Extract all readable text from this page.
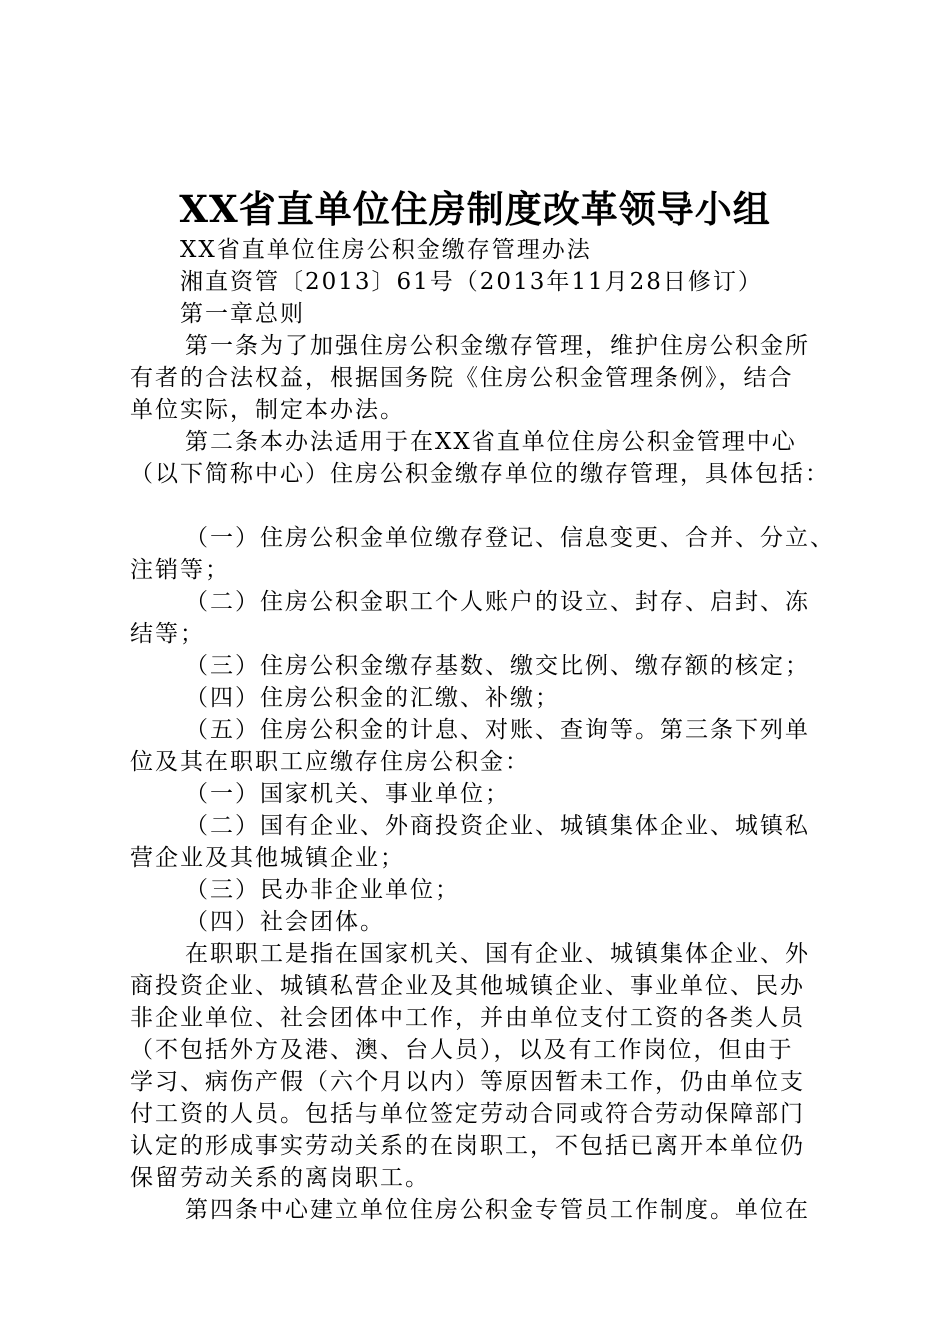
XX省直单位住房制度改革领导小组
XX省直单位住房公积金缴存管理办法
湘直资管〔2013〕61号（2013年11月28日修订）
第一章总则
第一条为了加强住房公积金缴存管理，维护住房公积金所
有者的合法权益，根据国务院《住房公积金管理条例》，结合
单位实际，制定本办法。
第二条本办法适用于在XX省直单位住房公积金管理中心
（以下简称中心）住房公积金缴存单位的缴存管理，具体包括：
（一）住房公积金单位缴存登记、信息变更、合并、分立、
注销等；
（二）住房公积金职工个人账户的设立、封存、启封、冻
结等；
（三）住房公积金缴存基数、缴交比例、缴存额的核定；
（四）住房公积金的汇缴、补缴；
（五）住房公积金的计息、对账、查询等。第三条下列单
位及其在职职工应缴存住房公积金：
（一）国家机关、事业单位；
（二）国有企业、外商投资企业、城镇集体企业、城镇私
营企业及其他城镇企业；
（三）民办非企业单位；
（四）社会团体。
在职职工是指在国家机关、国有企业、城镇集体企业、外
商投资企业、城镇私营企业及其他城镇企业、事业单位、民办
非企业单位、社会团体中工作，并由单位支付工资的各类人员
（不包括外方及港、澳、台人员），以及有工作岗位，但由于
学习、病伤产假（六个月以内）等原因暂未工作，仍由单位支
付工资的人员。包括与单位签定劳动合同或符合劳动保障部门
认定的形成事实劳动关系的在岗职工，不包括已离开本单位仍
保留劳动关系的离岗职工。
第四条中心建立单位住房公积金专管员工作制度。单位在
